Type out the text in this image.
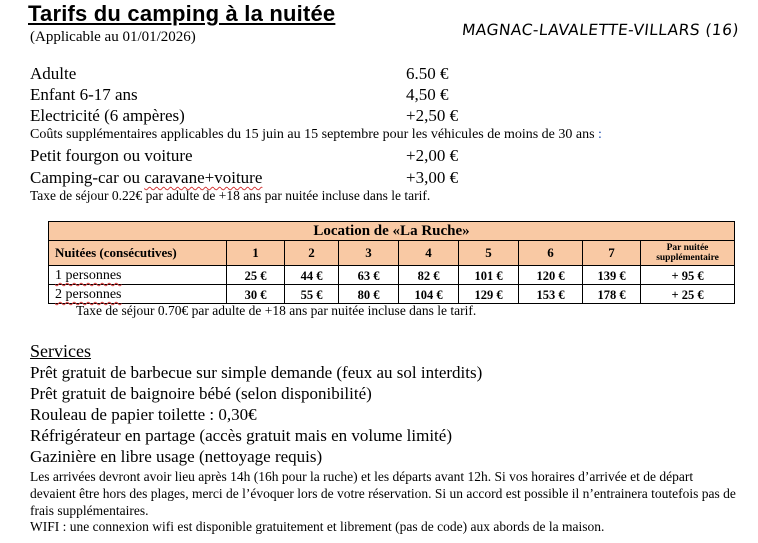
Tarifs du camping à la nuitée
(Applicable au 01/01/2026)	MAGNAC-LAVALETTE-VILLARS (16)
Adulte	6.50 €
Enfant 6-17 ans	4,50 €
Electricité (6 ampères)	+2,50 €
Coûts supplémentaires applicables du 15 juin au 15 septembre pour les véhicules de moins de 30 ans :
Petit fourgon ou voiture	+2,00 €
Camping-car ou caravane+voiture	+3,00 €
Taxe de séjour 0.22€ par adulte de +18 ans par nuitée incluse dans le tarif.
Location de «La Ruche»								
Nuitées (consécutives)	1	2	3	4	5	6	7	Par nuitée supplémentaire
1 personnes	25 €	44 €	63 €	82 €	101 €	120 €	139 €	+ 95 €
2 personnes	30 €	55 €	80 €	104 €	129 €	153 €	178 €	+ 25 €
Taxe de séjour 0.70€ par adulte de +18 ans par nuitée incluse dans le tarif.
Services
Prêt gratuit de barbecue sur simple demande (feux au sol interdits)
Prêt gratuit de baignoire bébé (selon disponibilité)
Rouleau de papier toilette : 0,30€
Réfrigérateur en partage (accès gratuit mais en volume limité)
Gazinière en libre usage (nettoyage requis)
Les arrivées devront avoir lieu après 14h (16h pour la ruche) et les départs avant 12h. Si vos horaires d’arrivée et de départ devaient être hors des plages, merci de l’évoquer lors de votre réservation. Si un accord est possible il n’entrainera toutefois pas de frais supplémentaires.
WIFI : une connexion wifi est disponible gratuitement et librement (pas de code) aux abords de la maison.
